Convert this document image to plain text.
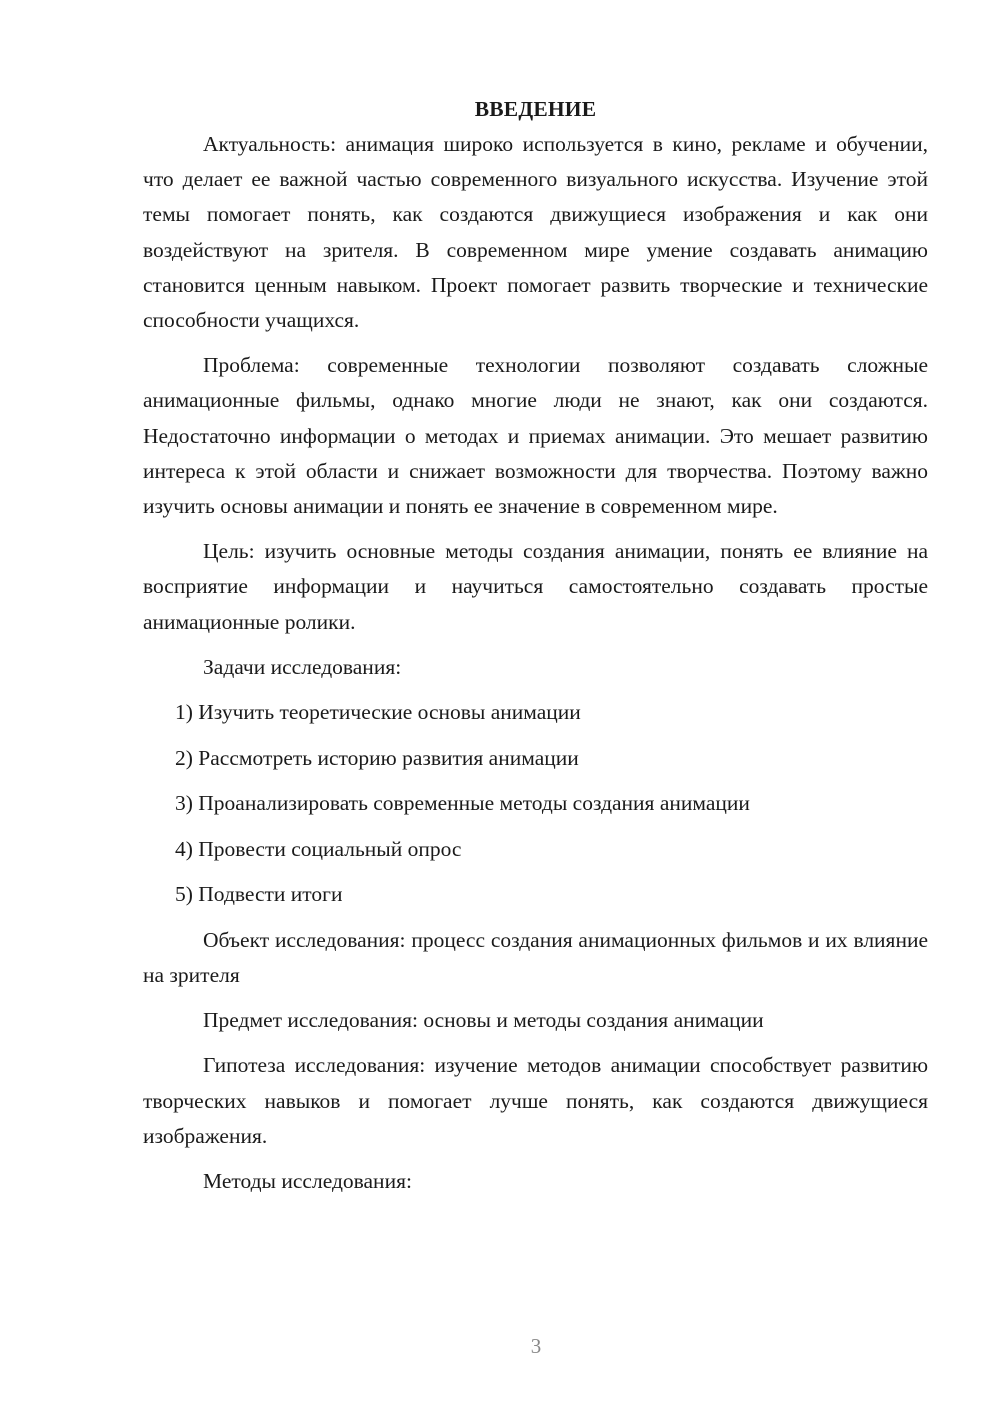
ВВЕДЕНИЕ

Актуальность: анимация широко используется в кино, рекламе и обучении, что делает ее важной частью современного визуального искусства. Изучение этой темы помогает понять, как создаются движущиеся изображения и как они воздействуют на зрителя. В современном мире умение создавать анимацию становится ценным навыком. Проект помогает развить творческие и технические способности учащихся.

Проблема: современные технологии позволяют создавать сложные анимационные фильмы, однако многие люди не знают, как они создаются. Недостаточно информации о методах и приемах анимации. Это мешает развитию интереса к этой области и снижает возможности для творчества. Поэтому важно изучить основы анимации и понять ее значение в современном мире.

Цель: изучить основные методы создания анимации, понять ее влияние на восприятие информации и научиться самостоятельно создавать простые анимационные ролики.

Задачи исследования:

1) Изучить теоретические основы анимации
2) Рассмотреть историю развития анимации
3) Проанализировать современные методы создания анимации
4) Провести социальный опрос
5) Подвести итоги

Объект исследования: процесс создания анимационных фильмов и их влияние на зрителя

Предмет исследования: основы и методы создания анимации

Гипотеза исследования: изучение методов анимации способствует развитию творческих навыков и помогает лучше понять, как создаются движущиеся изображения.

Методы исследования:

3
